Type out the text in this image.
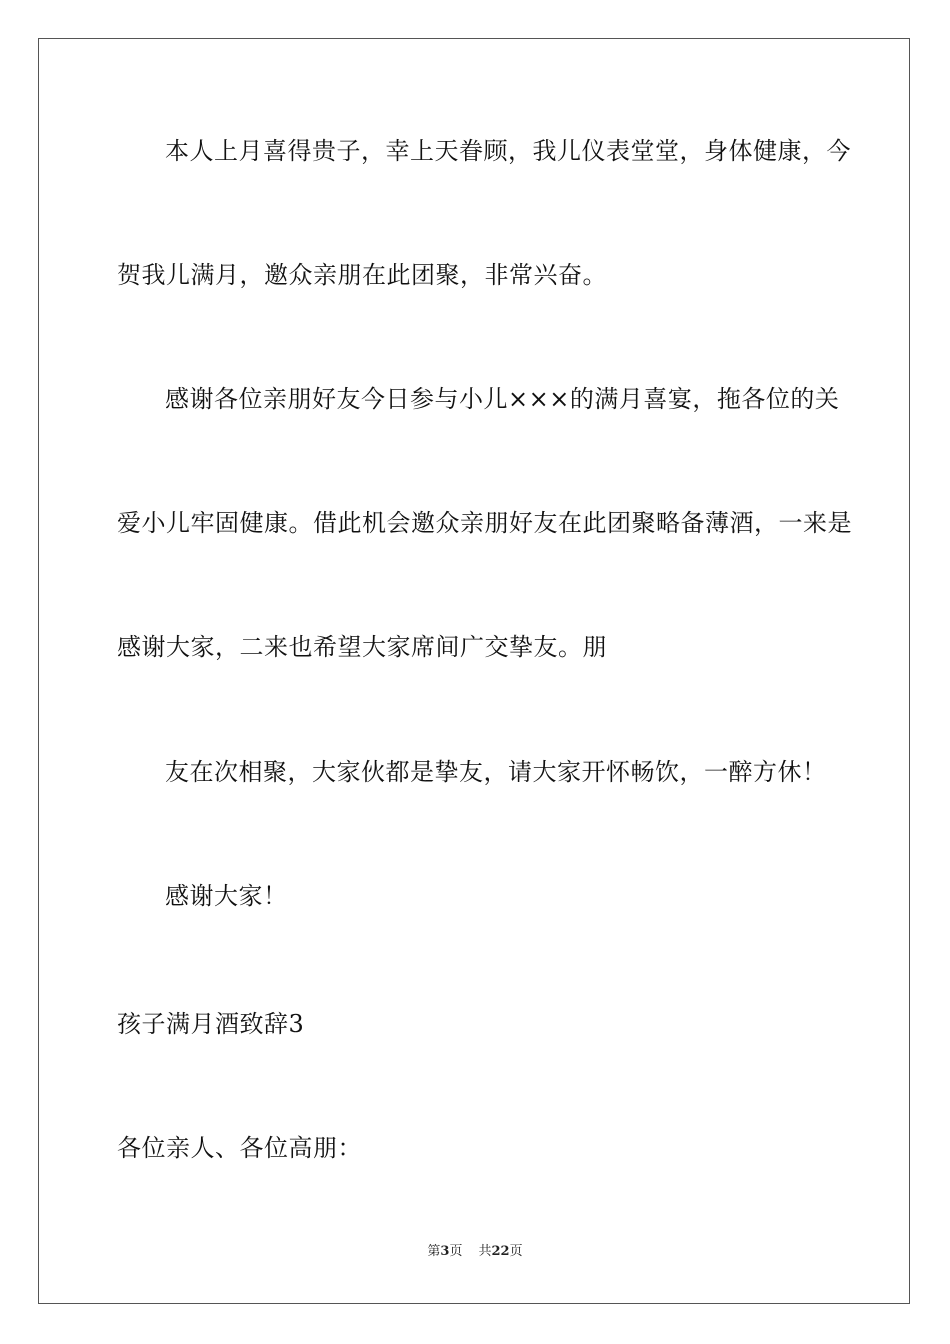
本人上月喜得贵子，幸上天眷顾，我儿仪表堂堂，身体健康，今
贺我儿满月，邀众亲朋在此团聚，非常兴奋。
感谢各位亲朋好友今日参与小儿×××的满月喜宴，拖各位的关
爱小儿牢固健康。借此机会邀众亲朋好友在此团聚略备薄酒，一来是
感谢大家，二来也希望大家席间广交挚友。朋
友在次相聚，大家伙都是挚友，请大家开怀畅饮，一醉方休！
感谢大家！
孩子满月酒致辞3
各位亲人、各位高朋：
第3页 共22页
